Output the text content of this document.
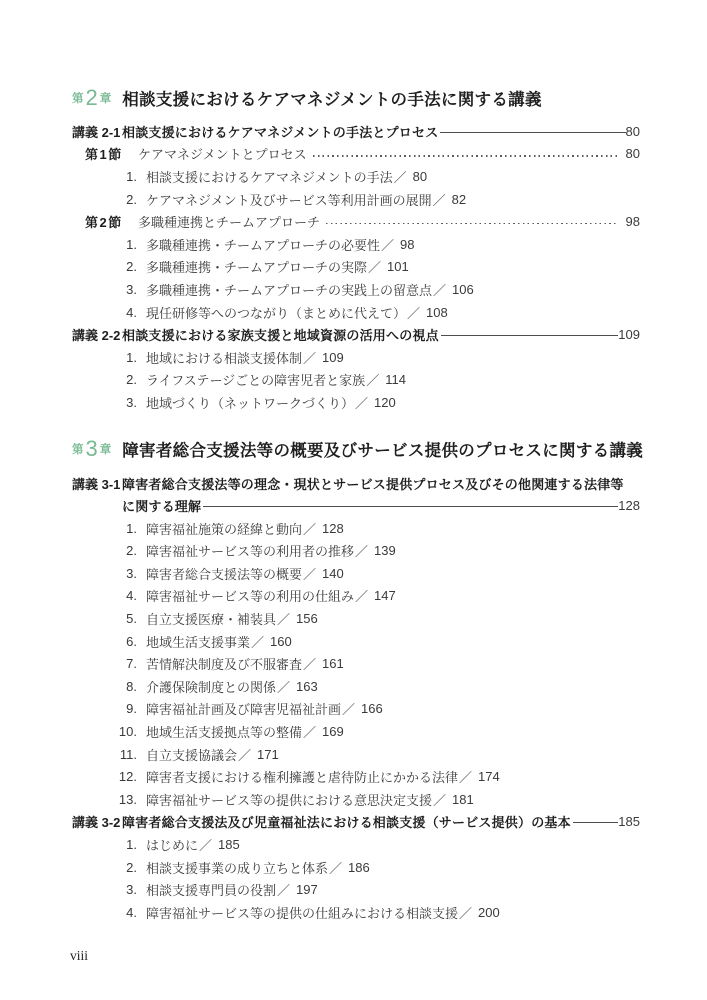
第 2 章 相談支援におけるケアマネジメントの手法に関する講義
講義 2-1 相談支援におけるケアマネジメントの手法とプロセス	80
第1節 ケアマネジメントとプロセス	80
1. 相談支援におけるケアマネジメントの手法 ／ 80
2. ケアマネジメント及びサービス等利用計画の展開 ／ 82
第2節 多職種連携とチームアプローチ	98
1. 多職種連携・チームアプローチの必要性 ／ 98
2. 多職種連携・チームアプローチの実際 ／ 101
3. 多職種連携・チームアプローチの実践上の留意点 ／ 106
4. 現任研修等へのつながり（まとめに代えて） ／ 108
講義 2-2 相談支援における家族支援と地域資源の活用への視点	109
1. 地域における相談支援体制 ／ 109
2. ライフステージごとの障害児者と家族 ／ 114
3. 地域づくり（ネットワークづくり） ／ 120
第 3 章 障害者総合支援法等の概要及びサービス提供のプロセスに関する講義
講義 3-1 障害者総合支援法等の理念・現状とサービス提供プロセス及びその他関連する法律等
に関する理解	128
1. 障害福祉施策の経緯と動向 ／ 128
2. 障害福祉サービス等の利用者の推移 ／ 139
3. 障害者総合支援法等の概要 ／ 140
4. 障害福祉サービス等の利用の仕組み ／ 147
5. 自立支援医療・補装具 ／ 156
6. 地域生活支援事業 ／ 160
7. 苦情解決制度及び不服審査 ／ 161
8. 介護保険制度との関係 ／ 163
9. 障害福祉計画及び障害児福祉計画 ／ 166
10. 地域生活支援拠点等の整備 ／ 169
11. 自立支援協議会 ／ 171
12. 障害者支援における権利擁護と虐待防止にかかる法律 ／ 174
13. 障害福祉サービス等の提供における意思決定支援 ／ 181
講義 3-2 障害者総合支援法及び児童福祉法における相談支援（サービス提供）の基本	185
1. はじめに ／ 185
2. 相談支援事業の成り立ちと体系 ／ 186
3. 相談支援専門員の役割 ／ 197
4. 障害福祉サービス等の提供の仕組みにおける相談支援 ／ 200
viii
